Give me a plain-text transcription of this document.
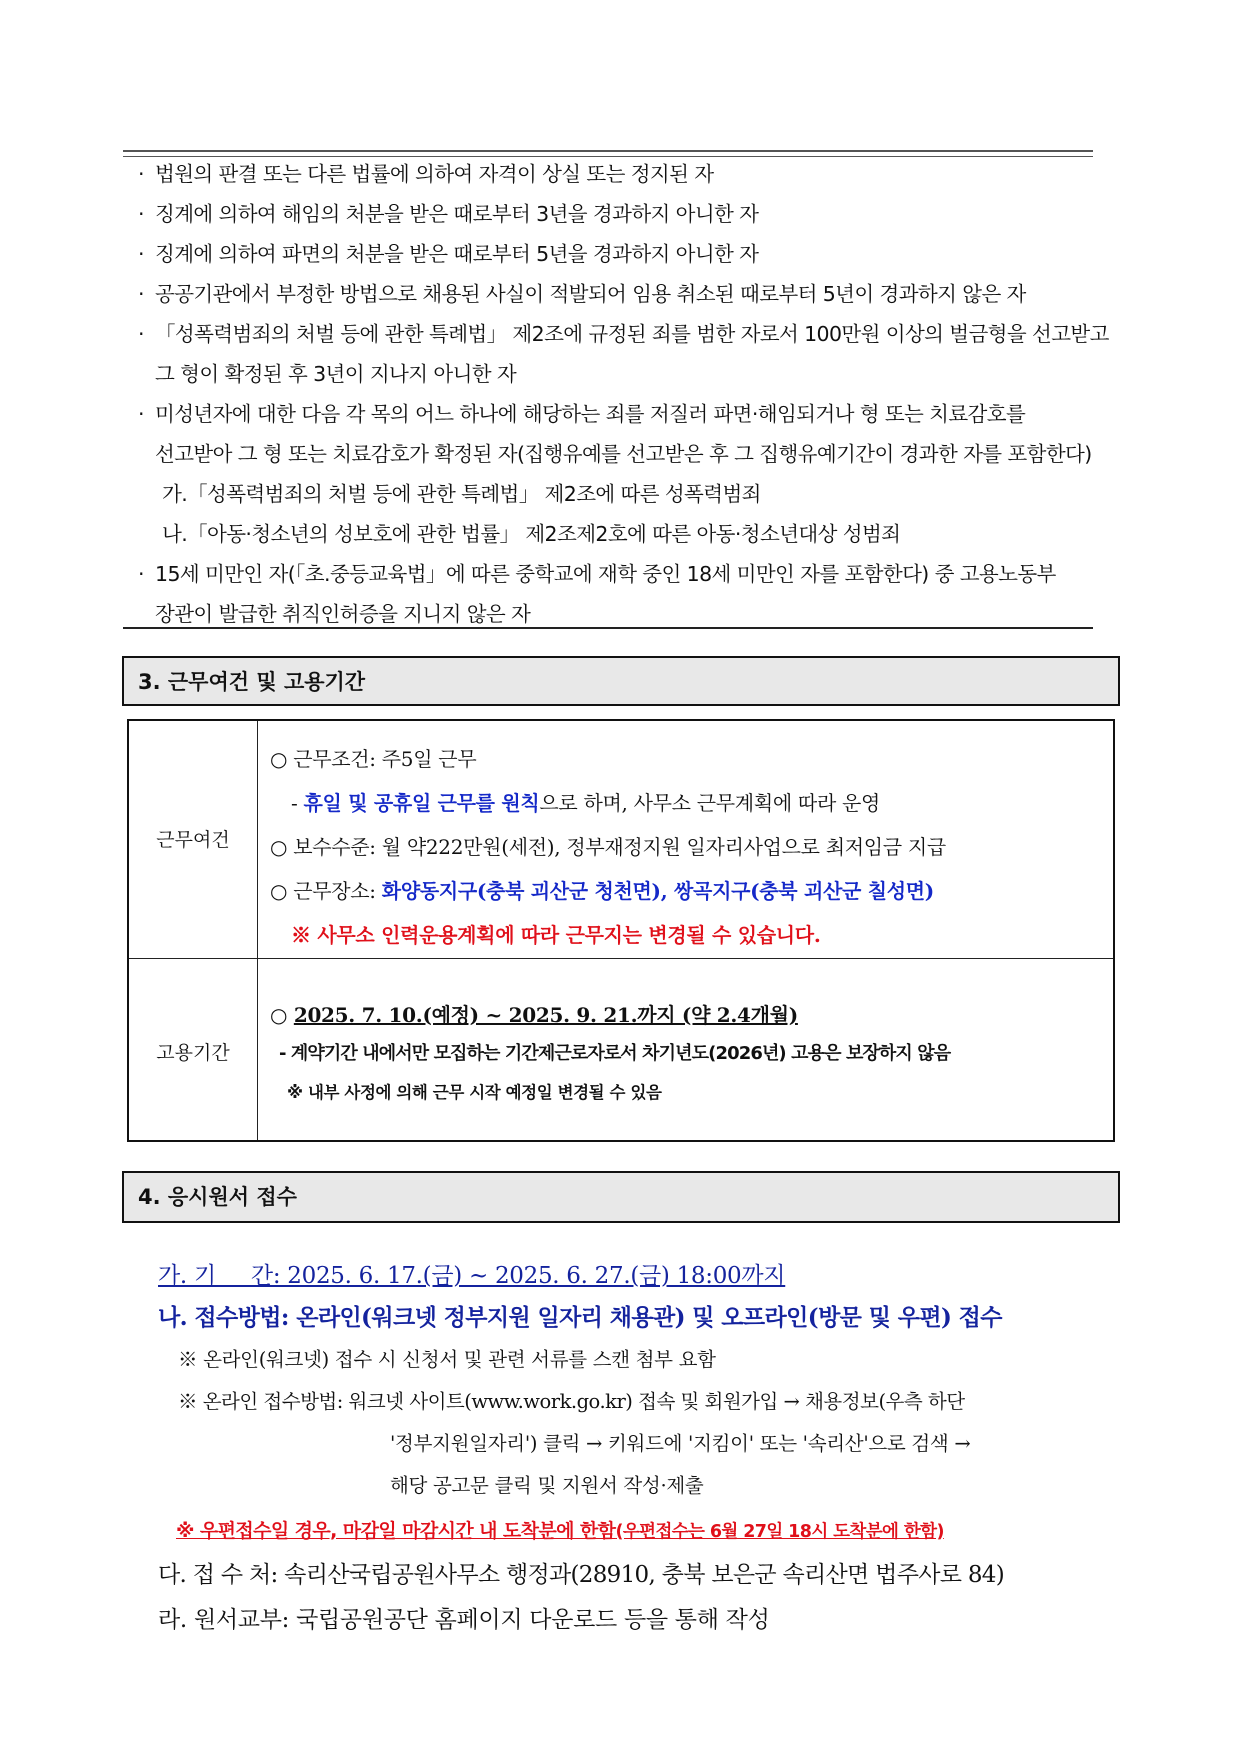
· 법원의 판결 또는 다른 법률에 의하여 자격이 상실 또는 정지된 자
· 징계에 의하여 해임의 처분을 받은 때로부터 3년을 경과하지 아니한 자
· 징계에 의하여 파면의 처분을 받은 때로부터 5년을 경과하지 아니한 자
· 공공기관에서 부정한 방법으로 채용된 사실이 적발되어 임용 취소된 때로부터 5년이 경과하지 않은 자
· 「성폭력범죄의 처벌 등에 관한 특례법」 제2조에 규정된 죄를 범한 자로서 100만원 이상의 벌금형을 선고받고
그 형이 확정된 후 3년이 지나지 아니한 자
· 미성년자에 대한 다음 각 목의 어느 하나에 해당하는 죄를 저질러 파면·해임되거나 형 또는 치료감호를
선고받아 그 형 또는 치료감호가 확정된 자(집행유예를 선고받은 후 그 집행유예기간이 경과한 자를 포함한다)
가.「성폭력범죄의 처벌 등에 관한 특례법」 제2조에 따른 성폭력범죄
나.「아동·청소년의 성보호에 관한 법률」 제2조제2호에 따른 아동·청소년대상 성범죄
· 15세 미만인 자(「초.중등교육법」에 따른 중학교에 재학 중인 18세 미만인 자를 포함한다) 중 고용노동부
장관이 발급한 취직인허증을 지니지 않은 자
3. 근무여건 및 고용기간
근무여건
○ 근무조건: 주5일 근무
- 휴일 및 공휴일 근무를 원칙으로 하며, 사무소 근무계획에 따라 운영
○ 보수수준: 월 약222만원(세전), 정부재정지원 일자리사업으로 최저임금 지급
○ 근무장소: 화양동지구(충북 괴산군 청천면), 쌍곡지구(충북 괴산군 칠성면)
※ 사무소 인력운용계획에 따라 근무지는 변경될 수 있습니다.
고용기간
○ 2025. 7. 10.(예정) ~ 2025. 9. 21.까지 (약 2.4개월)
- 계약기간 내에서만 모집하는 기간제근로자로서 차기년도(2026년) 고용은 보장하지 않음
※ 내부 사정에 의해 근무 시작 예정일 변경될 수 있음
4. 응시원서 접수
가. 기     간: 2025. 6. 17.(금) ~ 2025. 6. 27.(금) 18:00까지
나. 접수방법: 온라인(워크넷 정부지원 일자리 채용관) 및 오프라인(방문 및 우편) 접수
※ 온라인(워크넷) 접수 시 신청서 및 관련 서류를 스캔 첨부 요함
※ 온라인 접수방법: 워크넷 사이트(www.work.go.kr) 접속 및 회원가입 → 채용정보(우측 하단
'정부지원일자리') 클릭 → 키워드에 '지킴이' 또는 '속리산'으로 검색 →
해당 공고문 클릭 및 지원서 작성·제출
※ 우편접수일 경우, 마감일 마감시간 내 도착분에 한함(우편접수는 6월 27일 18시 도착분에 한함)
다. 접 수 처: 속리산국립공원사무소 행정과(28910, 충북 보은군 속리산면 법주사로 84)
라. 원서교부: 국립공원공단 홈페이지 다운로드 등을 통해 작성
